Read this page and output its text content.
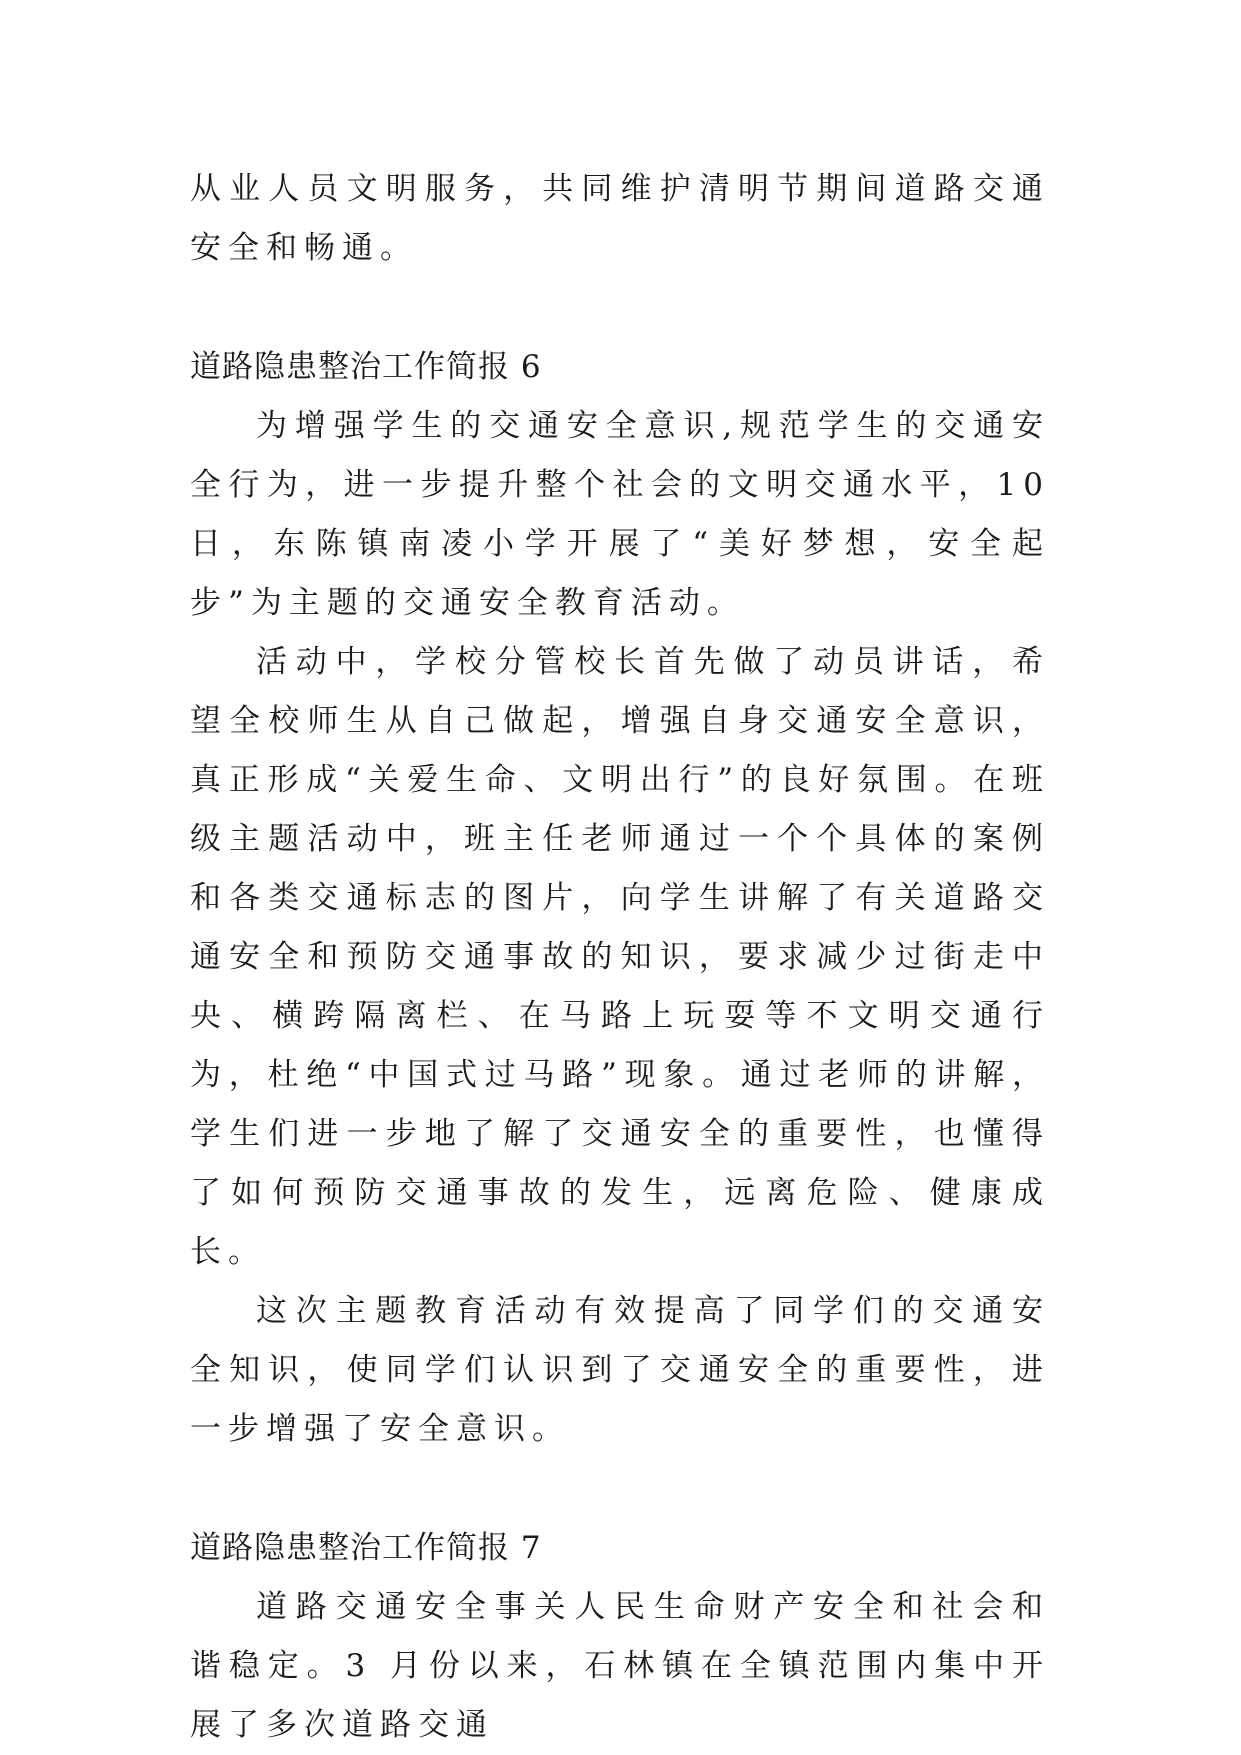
从业人员文明服务，共同维护清明节期间道路交通安全和畅通。

道路隐患整治工作简报 6

为增强学生的交通安全意识,规范学生的交通安全行为，进一步提升整个社会的文明交通水平，10 日，东陈镇南凌小学开展了“美好梦想，安全起步”为主题的交通安全教育活动。

活动中，学校分管校长首先做了动员讲话，希望全校师生从自己做起，增强自身交通安全意识，真正形成“关爱生命、文明出行”的良好氛围。在班级主题活动中，班主任老师通过一个个具体的案例和各类交通标志的图片，向学生讲解了有关道路交通安全和预防交通事故的知识，要求减少过街走中央、横跨隔离栏、在马路上玩耍等不文明交通行为，杜绝“中国式过马路”现象。通过老师的讲解，学生们进一步地了解了交通安全的重要性，也懂得了如何预防交通事故的发生，远离危险、健康成长。

这次主题教育活动有效提高了同学们的交通安全知识，使同学们认识到了交通安全的重要性，进一步增强了安全意识。

道路隐患整治工作简报 7

道路交通安全事关人民生命财产安全和社会和谐稳定。3 月份以来，石林镇在全镇范围内集中开展了多次道路交通
